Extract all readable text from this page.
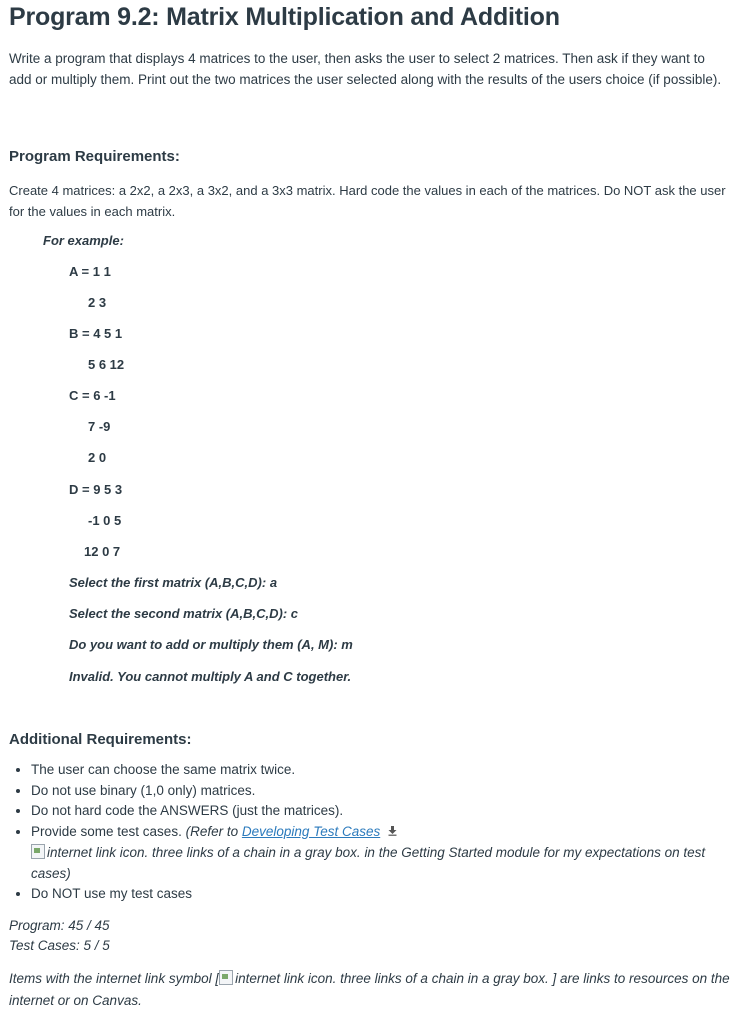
Program 9.2: Matrix Multiplication and Addition
Write a program that displays 4 matrices to the user, then asks the user to select 2 matrices. Then ask if they want to add or multiply them. Print out the two matrices the user selected along with the results of the users choice (if possible).
Program Requirements:
Create 4 matrices: a 2x2, a 2x3, a 3x2, and a 3x3 matrix. Hard code the values in each of the matrices. Do NOT ask the user for the values in each matrix.
For example:
A = 1 1
2 3
B = 4 5 1
5 6 12
C = 6 -1
7 -9
2 0
D = 9 5 3
-1 0 5
12 0 7
Select the first matrix (A,B,C,D): a
Select the second matrix (A,B,C,D): c
Do you want to add or multiply them (A, M): m
Invalid. You cannot multiply A and C together.
Additional Requirements:
• The user can choose the same matrix twice.
• Do not use binary (1,0 only) matrices.
• Do not hard code the ANSWERS (just the matrices).
• Provide some test cases. (Refer to Developing Test Cases
internet link icon. three links of a chain in a gray box. in the Getting Started module for my expectations on test cases)
• Do NOT use my test cases
Program: 45 / 45
Test Cases: 5 / 5
Items with the internet link symbol [ internet link icon. three links of a chain in a gray box. ] are links to resources on the internet or on Canvas.
